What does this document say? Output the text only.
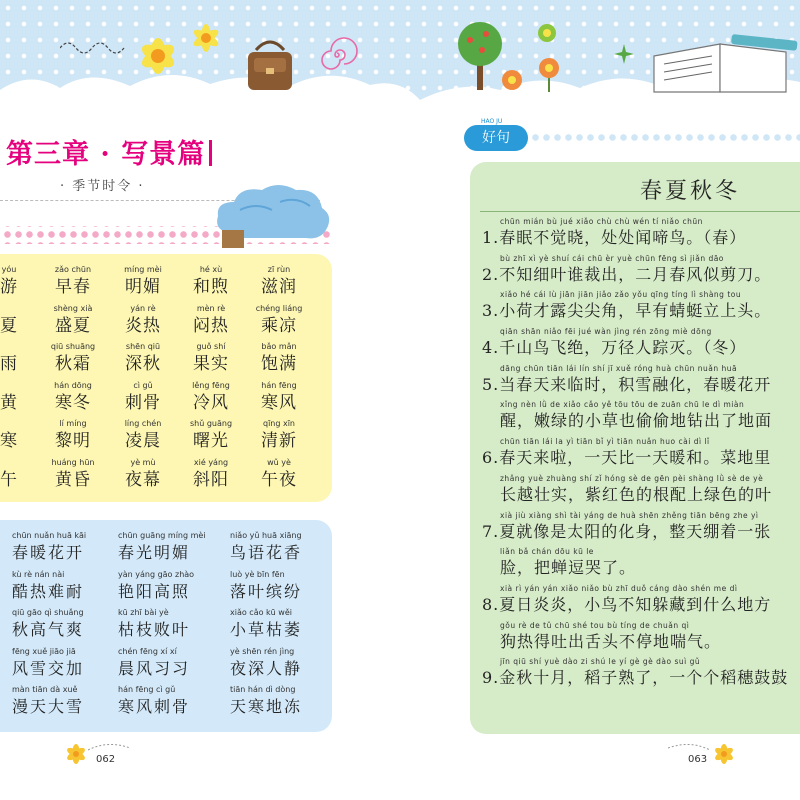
第三章 · 写景篇
· 季节时令 ·
yóu
游
zǎo chūn
早春
míng mèi
明媚
hé xù
和煦
zī rùn
滋润
夏
shèng xià
盛夏
yán rè
炎热
mèn rè
闷热
chéng liáng
乘凉
雨
qiū shuāng
秋霜
shēn qiū
深秋
guǒ shí
果实
bǎo mǎn
饱满
黄
hán dōng
寒冬
cì gǔ
刺骨
lěng fēng
冷风
hán fēng
寒风
寒
lí míng
黎明
líng chén
凌晨
shǔ guāng
曙光
qīng xīn
清新
午
huáng hūn
黄昏
yè mù
夜幕
xié yáng
斜阳
wǔ yè
午夜
chūn nuǎn huā kāi
春暖花开
chūn guāng míng mèi
春光明媚
niǎo yǔ huā xiāng
鸟语花香
kù rè nán nài
酷热难耐
yàn yáng gāo zhào
艳阳高照
luò yè bīn fēn
落叶缤纷
qiū gāo qì shuǎng
秋高气爽
kū zhī bài yè
枯枝败叶
xiǎo cǎo kū wěi
小草枯萎
fēng xuě jiāo jiā
风雪交加
chén fēng xí xí
晨风习习
yè shēn rén jìng
夜深人静
màn tiān dà xuě
漫天大雪
hán fēng cì gǔ
寒风刺骨
tiān hán dì dòng
天寒地冻
062
HAO JU
好句
春夏秋冬
chūn mián bù jué xiǎo chù chù wén tí niǎo chūn
1.春眠不觉晓，处处闻啼鸟。（春）
bù zhī xì yè shuí cái chū èr yuè chūn fēng sì jiǎn dāo
2.不知细叶谁裁出，二月春风似剪刀。
xiǎo hé cái lù jiān jiān jiǎo zǎo yǒu qīng tíng lì shàng tou
3.小荷才露尖尖角，早有蜻蜓立上头。
qiān shān niǎo fēi jué wàn jìng rén zōng miè dōng
4.千山鸟飞绝，万径人踪灭。（冬）
dāng chūn tiān lái lín shí jī xuě róng huà chūn nuǎn huā
5.当春天来临时，积雪融化，春暖花开
xǐng nèn lǜ de xiǎo cǎo yě tōu tōu de zuān chū le dì miàn
醒，嫩绿的小草也偷偷地钻出了地面
chūn tiān lái la yì tiān bǐ yì tiān nuǎn huo cài dì lǐ
6.春天来啦，一天比一天暖和。菜地里
zhǎng yuè zhuàng shí zǐ hóng sè de gēn pèi shàng lǜ sè de yè
长越壮实，紫红色的根配上绿色的叶
xià jiù xiàng shì tài yáng de huà shēn zhěng tiān bēng zhe yì
7.夏就像是太阳的化身，整天绷着一张
liǎn bǎ chán dōu kū le
脸，把蝉逗哭了。
xià rì yán yán xiǎo niǎo bù zhī duǒ cáng dào shén me dì
8.夏日炎炎，小鸟不知躲藏到什么地方
gǒu rè de tǔ chū shé tou bù tíng de chuǎn qì
狗热得吐出舌头不停地喘气。
jīn qiū shí yuè dào zi shú le yí gè gè dào suì gǔ
9.金秋十月，稻子熟了，一个个稻穗鼓鼓
063
